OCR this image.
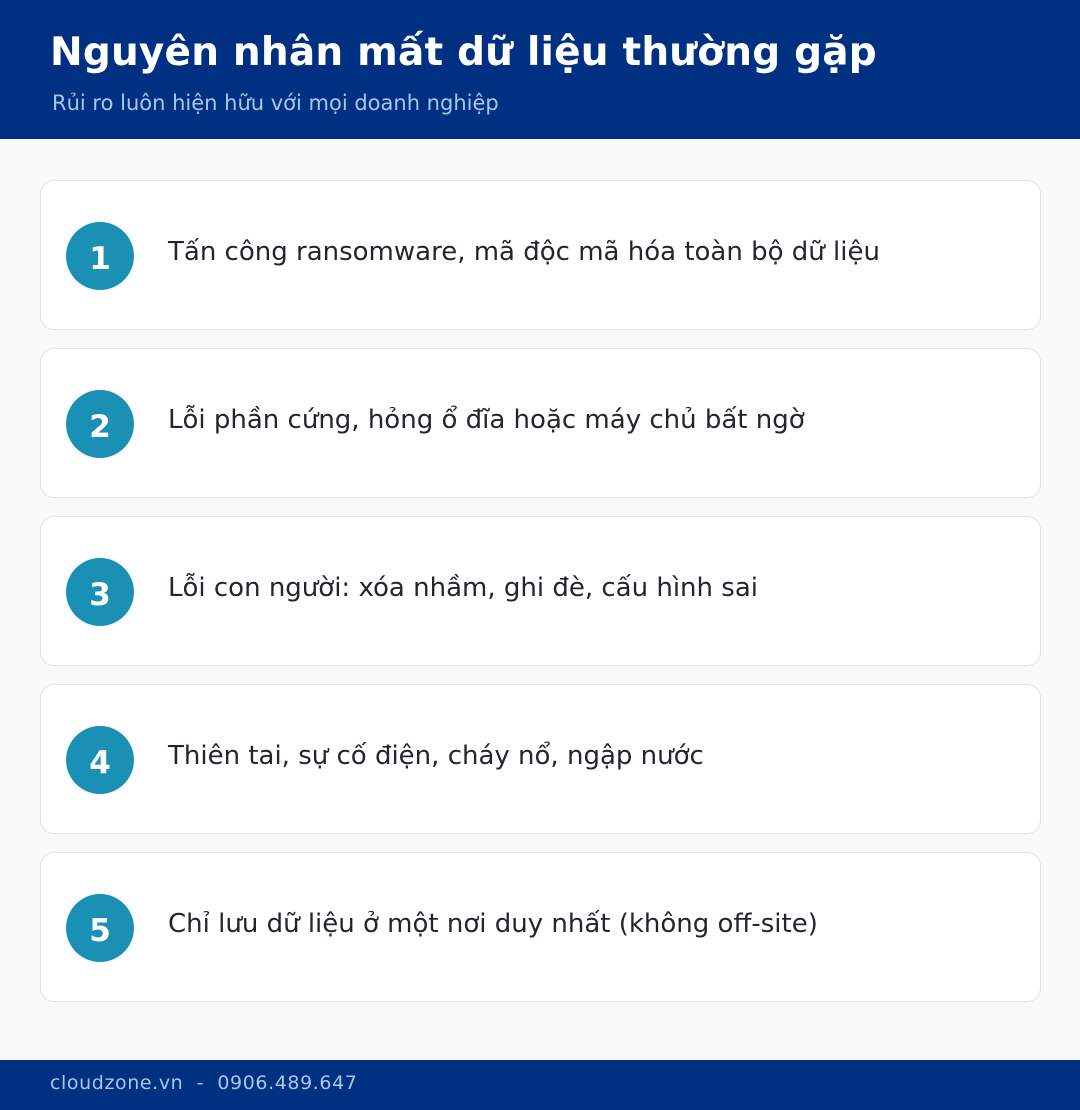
Nguyên nhân mất dữ liệu thường gặp
Rủi ro luôn hiện hữu với mọi doanh nghiệp
1	Tấn công ransomware, mã độc mã hóa toàn bộ dữ liệu
2	Lỗi phần cứng, hỏng ổ đĩa hoặc máy chủ bất ngờ
3	Lỗi con người: xóa nhầm, ghi đè, cấu hình sai
4	Thiên tai, sự cố điện, cháy nổ, ngập nước
5	Chỉ lưu dữ liệu ở một nơi duy nhất (không off-site)
cloudzone.vn  -  0906.489.647
